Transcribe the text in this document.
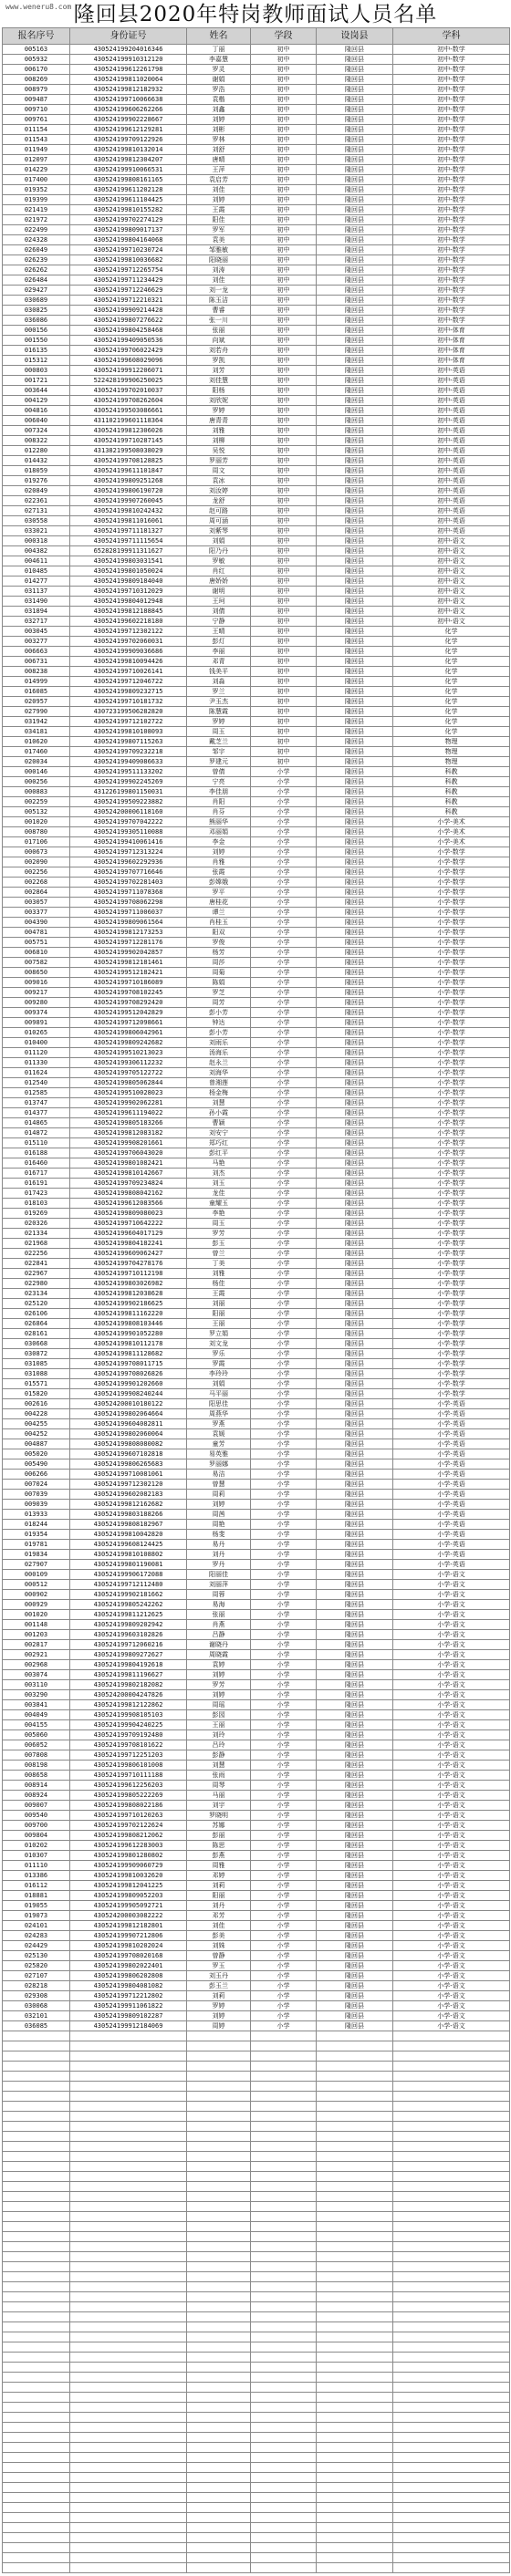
www.weneru8.com 隆回县2020年特岗教师面试人员名单
报名序号	身份证号	姓名	学段	设岗县	学科
005163	430524199204016346	丁丽	初中	隆回县	初中-数学
005932	430524199910312120	李嘉慧	初中	隆回县	初中-数学
006170	430524199612261798	罗灵	初中	隆回县	初中-数学
008269	430524199811020064	谢娟	初中	隆回县	初中-数学
008979	430524199812182932	罗浩	初中	隆回县	初中-数学
009487	430524199710066638	袁楷	初中	隆回县	初中-数学
009710	430524199606262266	刘鑫	初中	隆回县	初中-数学
009761	430524199902228667	刘婷	初中	隆回县	初中-数学
011154	430524199612129281	刘彬	初中	隆回县	初中-数学
011543	430524199709122926	罗林	初中	隆回县	初中-数学
011949	430524199810132014	刘舒	初中	隆回县	初中-数学
012097	430524199812304207	唐晴	初中	隆回县	初中-数学
014229	430524199910066531	王萍	初中	隆回县	初中-数学
017400	430524199808161165	袁启芳	初中	隆回县	初中-数学
019352	430524199611202128	刘佳	初中	隆回县	初中-数学
019399	430524199611104425	刘婷	初中	隆回县	初中-数学
021419	430524199810155282	王霞	初中	隆回县	初中-数学
021972	430524199702274129	阳佳	初中	隆回县	初中-数学
022499	430524199809017137	罗军	初中	隆回县	初中-数学
024328	430524199804164068	袁美	初中	隆回县	初中-数学
026049	430524199710230724	邹雅敏	初中	隆回县	初中-数学
026239	430524199810036682	阳晓丽	初中	隆回县	初中-数学
026262	430524199712265754	刘涛	初中	隆回县	初中-数学
026484	430524199711234429	刘佳	初中	隆回县	初中-数学
029427	430524199712246629	刘一龙	初中	隆回县	初中-数学
030689	430524199712210321	陈玉洁	初中	隆回县	初中-数学
030825	430524199909214428	曹睿	初中	隆回县	初中-数学
036086	430524199807276622	张一川	初中	隆回县	初中-数学
000156	430524199804258468	张丽	初中	隆回县	初中-体育
001550	430524199409050536	向斌	初中	隆回县	初中-体育
016135	430524199706022429	刘若舟	初中	隆回县	初中-体育
015312	430524199608029096	罗凯	初中	隆回县	初中-体育
000803	430524199912206071	刘芳	初中	隆回县	初中-英语
001721	522428199906250025	刘佳慧	初中	隆回县	初中-英语
003644	430524199702010037	阳杨	初中	隆回县	初中-英语
004129	430524199708262604	刘欣妮	初中	隆回县	初中-英语
004816	430524199503086661	罗婷	初中	隆回县	初中-英语
006040	431102199601118364	唐青青	初中	隆回县	初中-英语
007324	430524199812306026	刘雅	初中	隆回县	初中-英语
008322	430524199710287145	刘柳	初中	隆回县	初中-英语
012280	431382199508038029	吴悦	初中	隆回县	初中-英语
014432	430524199708128825	罗丽芳	初中	隆回县	初中-英语
018059	430524199611101847	周文	初中	隆回县	初中-英语
019276	430524199809251268	袁冰	初中	隆回县	初中-英语
020849	430524199806190720	刘汝婷	初中	隆回县	初中-英语
022361	430524199907260045	龙舒	初中	隆回县	初中-英语
027131	430524199810242432	赵可路	初中	隆回县	初中-英语
030558	430524199811016061	周可涵	初中	隆回县	初中-英语
033021	430524199711181327	刘紫琴	初中	隆回县	初中-英语
000318	430524199711115654	刘娟	初中	隆回县	初中-语文
004382	652828199911311627	阳乃丹	初中	隆回县	初中-语文
004611	430524199803031541	罗敏	初中	隆回县	初中-语文
010485	430524199801050024	肖红	初中	隆回县	初中-语文
014277	430524199809184040	唐娇娇	初中	隆回县	初中-语文
031137	430524199710312029	谢明	初中	隆回县	初中-语文
031490	430524199804012948	王珂	初中	隆回县	初中-语文
031894	430524199812188845	刘倩	初中	隆回县	初中-语文
032717	430524199602218180	宁静	初中	隆回县	初中-语文
003045	430524199712302122	王晴	初中	隆回县	化学
003277	430524199702060031	彭灯	初中	隆回县	化学
006663	430524199909036686	李丽	初中	隆回县	化学
006731	430524199810094426	邓青	初中	隆回县	化学
008238	430524199710026141	钱美平	初中	隆回县	化学
014999	430524199712046722	刘淼	初中	隆回县	化学
016085	430524199809232715	罗兰	初中	隆回县	化学
020957	430524199710181732	尹玉杰	初中	隆回县	化学
027990	430723199506282820	陈慧霞	初中	隆回县	化学
031942	430524199712102722	罗婷	初中	隆回县	化学
034181	430524199810108093	周玉	初中	隆回县	化学
010620	430524199807115263	戴芝兰	初中	隆回县	物理
017460	430524199709232218	邹宇	初中	隆回县	物理
020034	430524199409086633	罗建元	初中	隆回县	物理
000146	430524199511133202	曾倩	小学	隆回县	科教
000256	430524199902245269	宁亮	小学	隆回县	科教
000883	431226199801150031	李佳朋	小学	隆回县	科教
002259	430524199509223882	肖阳	小学	隆回县	科教
005132	430524200006118160	肖芬	小学	隆回县	科教
001020	430524199707042222	熊丽华	小学	隆回县	小学-美术
008780	430524199305110088	邓丽娟	小学	隆回县	小学-美术
017106	430524199410061416	李金	小学	隆回县	小学-美术
000673	430524199712313224	刘婷	小学	隆回县	小学-数学
002090	430524199602292936	肖雅	小学	隆回县	小学-数学
002256	430524199707716646	张霞	小学	隆回县	小学-数学
002268	430524199702281403	彭嫦娥	小学	隆回县	小学-数学
002864	430524199711078368	罗平	小学	隆回县	小学-数学
003057	430524199708062298	唐桂花	小学	隆回县	小学-数学
003377	430524199711006037	谭兰	小学	隆回县	小学-数学
004390	430524199809061564	肖桂玉	小学	隆回县	小学-数学
004781	430524199812173253	阳双	小学	隆回县	小学-数学
005751	430524199712281176	罗俊	小学	隆回县	小学-数学
006810	430524199902042857	杨芳	小学	隆回县	小学-数学
007582	430524199812181461	周莎	小学	隆回县	小学-数学
008650	430524199512182421	周菊	小学	隆回县	小学-数学
009016	430524199710186089	陈娟	小学	隆回县	小学-数学
009217	430524199708102245	罗芝	小学	隆回县	小学-数学
009280	430524199708292420	周芳	小学	隆回县	小学-数学
009374	430524199512042829	彭小芳	小学	隆回县	小学-数学
009891	430524199712098661	钟达	小学	隆回县	小学-数学
010265	430524199806042961	彭小芳	小学	隆回县	小学-数学
010400	430524199809242682	刘雨乐	小学	隆回县	小学-数学
011120	430524199510213023	汤海乐	小学	隆回县	小学-数学
011330	430524199306112232	赵永兰	小学	隆回县	小学-数学
011624	430524199705122722	刘海华	小学	隆回县	小学-数学
012540	430524199805062844	曾湘莲	小学	隆回县	小学-数学
012585	430524199510028023	杨金梅	小学	隆回县	小学-数学
013747	430524199902062281	刘慧	小学	隆回县	小学-数学
014377	430524199611194022	孙小霞	小学	隆回县	小学-数学
014865	430524199805183266	曹颖	小学	隆回县	小学-数学
014872	430524199812083182	刘安宁	小学	隆回县	小学-数学
015110	430524199908201661	郑巧红	小学	隆回县	小学-数学
016188	430524199706043020	彭红平	小学	隆回县	小学-数学
016460	430524199801082421	马艳	小学	隆回县	小学-数学
016717	430524199810142667	刘杰	小学	隆回县	小学-数学
016191	430524199709234824	刘玉	小学	隆回县	小学-数学
017423	430524199808042162	龙佳	小学	隆回县	小学-数学
018103	430524199612083566	童耀玉	小学	隆回县	小学-数学
019269	430524199809080023	李艳	小学	隆回县	小学-数学
020326	430524199710642222	周玉	小学	隆回县	小学-数学
021334	430524199604017129	罗芳	小学	隆回县	小学-数学
021968	430524199804182241	彭玉	小学	隆回县	小学-数学
022256	430524199609062427	曾兰	小学	隆回县	小学-数学
022841	430524199704278176	丁美	小学	隆回县	小学-数学
022967	430524199710112198	刘雅	小学	隆回县	小学-数学
022980	430524199803026982	杨佳	小学	隆回县	小学-数学
023134	430524199812038628	王霞	小学	隆回县	小学-数学
025120	430524199902186625	刘丽	小学	隆回县	小学-数学
026106	430524199811162220	阳丽	小学	隆回县	小学-数学
026864	430524199808103446	王丽	小学	隆回县	小学-数学
028161	430524199901052280	罗立娟	小学	隆回县	小学-数学
030668	430524199810112178	刘文龙	小学	隆回县	小学-数学
030872	430524199811128682	罗乐	小学	隆回县	小学-数学
031085	430524199708011715	罗霞	小学	隆回县	小学-数学
031088	430524199708026826	李玲玲	小学	隆回县	小学-数学
015571	430524199901202660	刘娟	小学	隆回县	小学-数学
015820	430524199908240244	马平丽	小学	隆回县	小学-数学
002616	430524200010180122	阳思佳	小学	隆回县	小学-英语
004228	430524199802064664	周燕华	小学	隆回县	小学-英语
004255	430524199604082811	罗燕	小学	隆回县	小学-英语
004252	430524199802060064	袁媛	小学	隆回县	小学-英语
004887	430524199808080082	童芳	小学	隆回县	小学-英语
005020	430524199607102818	易英雅	小学	隆回县	小学-英语
005490	430524199806265683	罗丽娜	小学	隆回县	小学-英语
006266	430524199710081061	易洁	小学	隆回县	小学-英语
007024	430524199712302120	曾慧	小学	隆回县	小学-英语
007039	430524199602082183	周莉	小学	隆回县	小学-英语
009039	430524199812162682	刘婷	小学	隆回县	小学-英语
013933	430524199803188266	周茜	小学	隆回县	小学-英语
018244	430524199808182967	周艳	小学	隆回县	小学-英语
019354	430524199810042820	杨斐	小学	隆回县	小学-英语
019781	430524199608124425	易丹	小学	隆回县	小学-英语
019834	430524199810108802	刘丹	小学	隆回县	小学-英语
027907	430524199801190081	罗丹	小学	隆回县	小学-英语
000109	430524199906172088	阳丽佳	小学	隆回县	小学-语文
000512	430524199712112480	刘丽萍	小学	隆回县	小学-语文
000902	430524199902181662	周蓉	小学	隆回县	小学-语文
000929	430524199805242262	易海	小学	隆回县	小学-语文
001020	430524199811212625	张丽	小学	隆回县	小学-语文
001148	430524199809202942	肖燕	小学	隆回县	小学-语文
001203	430524199603102826	吕静	小学	隆回县	小学-语文
002817	430524199712060216	谢晓丹	小学	隆回县	小学-语文
002921	430524199809272627	周晓霞	小学	隆回县	小学-语文
002968	430524199804192618	袁婷	小学	隆回县	小学-语文
003074	430524199811196627	刘婷	小学	隆回县	小学-语文
003110	430524199802182082	罗芳	小学	隆回县	小学-语文
003290	430524200004247826	刘婷	小学	隆回县	小学-语文
003841	430524199812122862	周瑶	小学	隆回县	小学-语文
004049	430524199908105103	彭园	小学	隆回县	小学-语文
004155	430524199904240225	王丽	小学	隆回县	小学-语文
005060	430524199709192480	刘玲	小学	隆回县	小学-语文
006052	430524199708101622	吕玲	小学	隆回县	小学-语文
007808	430524199712251203	彭静	小学	隆回县	小学-语文
008198	430524199806101008	刘慧	小学	隆回县	小学-语文
008658	430524199710111188	张雨	小学	隆回县	小学-语文
008914	430524199612256203	周琴	小学	隆回县	小学-语文
008924	430524199805222269	马丽	小学	隆回县	小学-语文
009007	430524199808022186	刘宇	小学	隆回县	小学-语文
009540	430524199710120263	罗晓明	小学	隆回县	小学-语文
009700	430524199702122624	苏娜	小学	隆回县	小学-语文
009804	430524199808212062	彭丽	小学	隆回县	小学-语文
010202	430524199612283003	陈思	小学	隆回县	小学-语文
010307	430524199801280802	彭燕	小学	隆回县	小学-语文
011110	430524199909060729	周雅	小学	隆回县	小学-语文
013386	430524199810032620	邓婷	小学	隆回县	小学-语文
016112	430524199812041225	刘莉	小学	隆回县	小学-语文
018881	430524199809052203	阳丽	小学	隆回县	小学-语文
019055	430524199905092721	刘丹	小学	隆回县	小学-语文
019073	430524200003082222	邓芳	小学	隆回县	小学-语文
024101	430524199812182801	刘佳	小学	隆回县	小学-语文
024283	430524199907212806	彭美	小学	隆回县	小学-语文
024429	430524199810202024	刘姝	小学	隆回县	小学-语文
025130	430524199708020168	曾静	小学	隆回县	小学-语文
025820	430524199802022401	罗玉	小学	隆回县	小学-语文
027107	430524199806202808	刘玉丹	小学	隆回县	小学-语文
028218	430524199804081082	彭玉兰	小学	隆回县	小学-语文
029308	430524199712212802	刘莉	小学	隆回县	小学-语文
030068	430524199911061822	罗婷	小学	隆回县	小学-语文
032101	430524199809102287	刘婷	小学	隆回县	小学-语文
036085	430524199912184069	周婷	小学	隆回县	小学-语文
